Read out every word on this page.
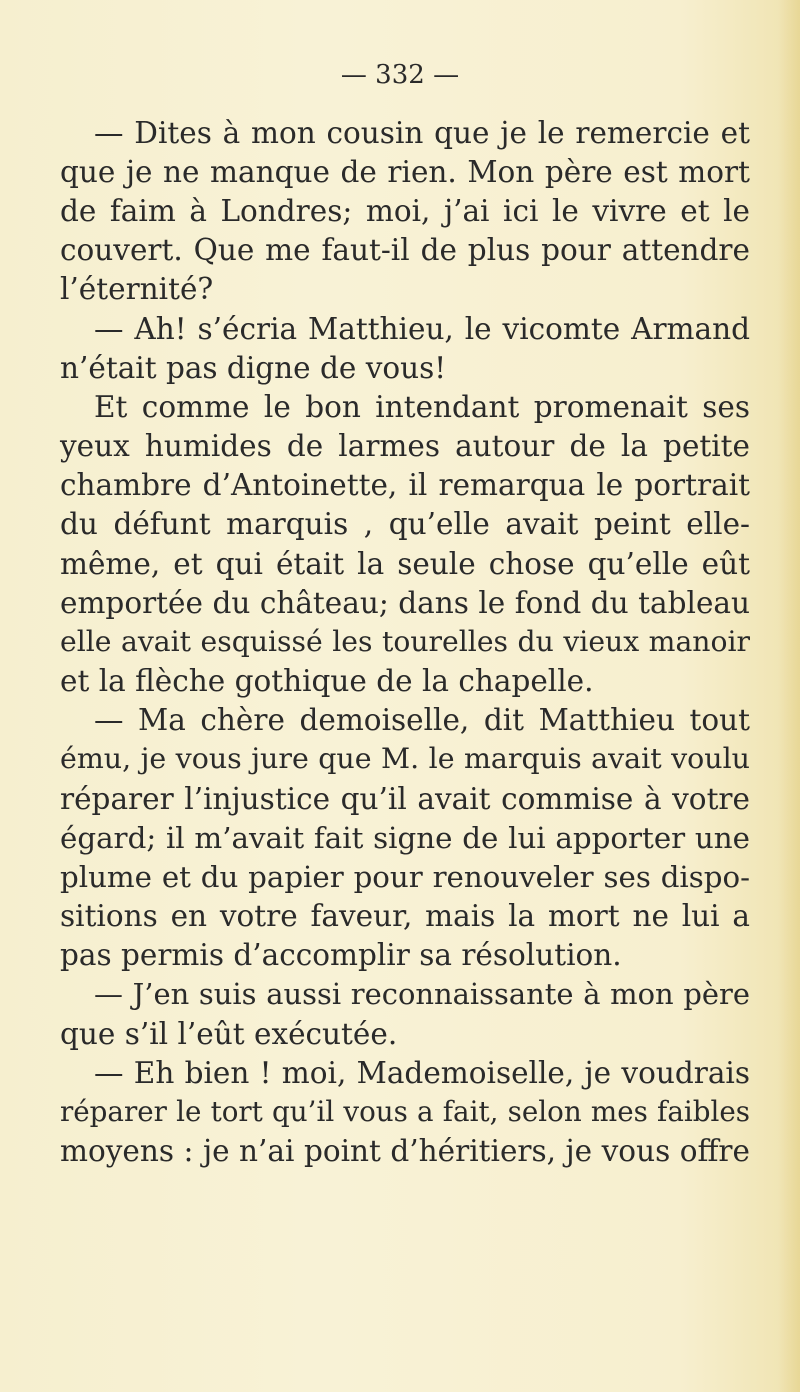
— 332 —

— Dites à mon cousin que je le remercie et

que je ne manque de rien. Mon père est mort

de faim à Londres; moi, j’ai ici le vivre et le

couvert. Que me faut-il de plus pour attendre

l’éternité?

— Ah! s’écria Matthieu, le vicomte Armand

n’était pas digne de vous!

Et comme le bon intendant promenait ses

yeux humides de larmes autour de la petite

chambre d’Antoinette, il remarqua le portrait

du défunt marquis , qu’elle avait peint elle-

même, et qui était la seule chose qu’elle eût

emportée du château; dans le fond du tableau

elle avait esquissé les tourelles du vieux manoir

et la flèche gothique de la chapelle.

— Ma chère demoiselle, dit Matthieu tout

ému, je vous jure que M. le marquis avait voulu

réparer l’injustice qu’il avait commise à votre

égard; il m’avait fait signe de lui apporter une

plume et du papier pour renouveler ses dispo-

sitions en votre faveur, mais la mort ne lui a

pas permis d’accomplir sa résolution.

— J’en suis aussi reconnaissante à mon père

que s’il l’eût exécutée.

— Eh bien ! moi, Mademoiselle, je voudrais

réparer le tort qu’il vous a fait, selon mes faibles

moyens : je n’ai point d’héritiers, je vous offre
